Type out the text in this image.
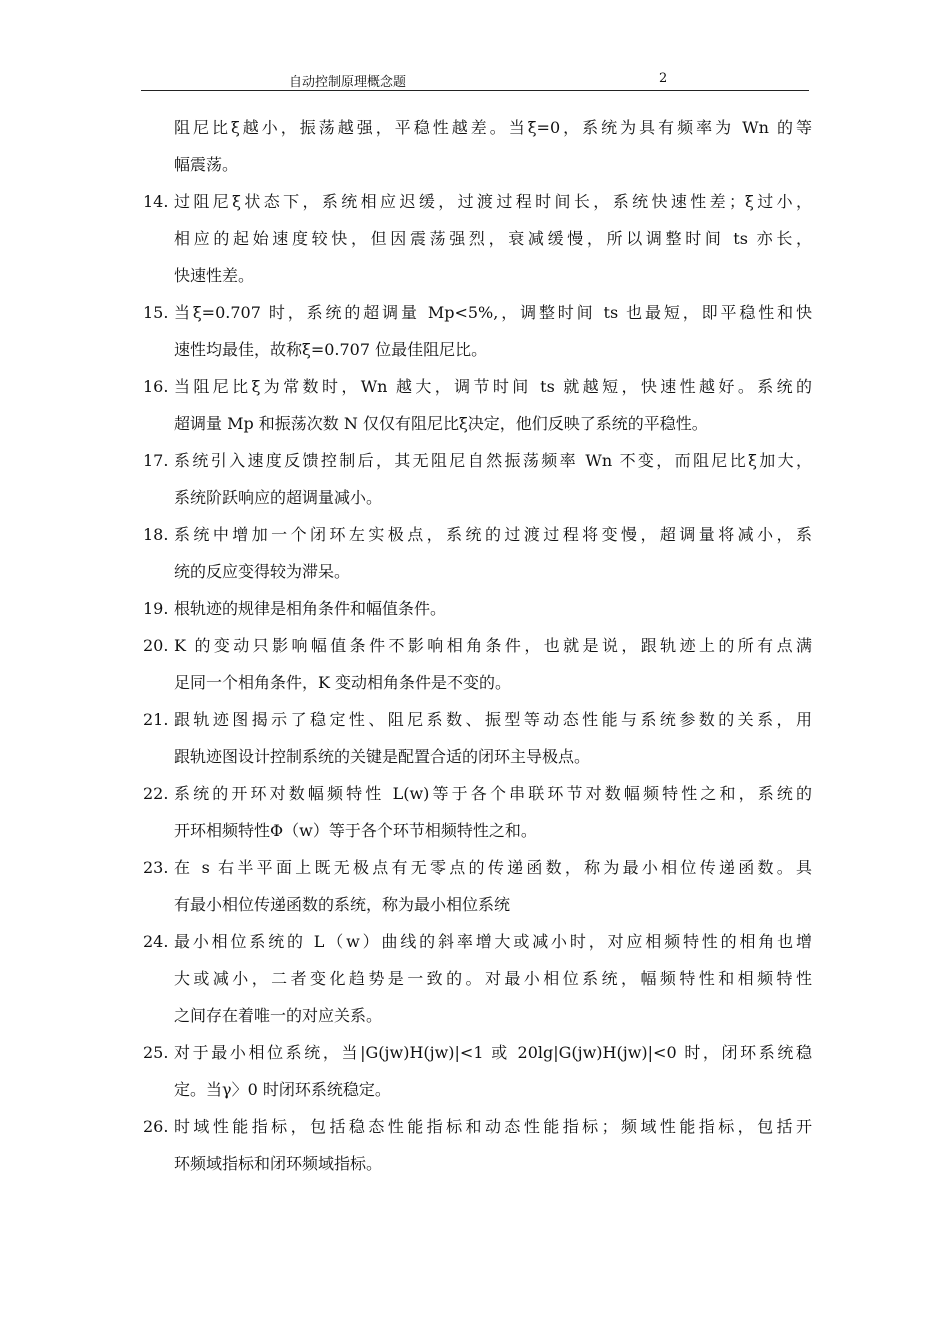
自动控制原理概念题	2
阻尼比ξ越小，振荡越强，平稳性越差。当ξ=0，系统为具有频率为 Wn 的等
幅震荡。
14. 过阻尼ξ状态下，系统相应迟缓，过渡过程时间长，系统快速性差；ξ过小，
相应的起始速度较快，但因震荡强烈，衰减缓慢，所以调整时间 ts 亦长，
快速性差。
15. 当ξ=0.707 时，系统的超调量 Mp<5%,，调整时间 ts 也最短，即平稳性和快
速性均最佳，故称ξ=0.707 位最佳阻尼比。
16. 当阻尼比ξ为常数时，Wn 越大，调节时间 ts 就越短，快速性越好。系统的
超调量 Mp 和振荡次数 N 仅仅有阻尼比ξ决定，他们反映了系统的平稳性。
17. 系统引入速度反馈控制后，其无阻尼自然振荡频率 Wn 不变，而阻尼比ξ加大，
系统阶跃响应的超调量减小。
18. 系统中增加一个闭环左实极点，系统的过渡过程将变慢，超调量将减小，系
统的反应变得较为滞呆。
19. 根轨迹的规律是相角条件和幅值条件。
20. K 的变动只影响幅值条件不影响相角条件，也就是说，跟轨迹上的所有点满
足同一个相角条件，K 变动相角条件是不变的。
21. 跟轨迹图揭示了稳定性、阻尼系数、振型等动态性能与系统参数的关系，用
跟轨迹图设计控制系统的关键是配置合适的闭环主导极点。
22. 系统的开环对数幅频特性 L(w)等于各个串联环节对数幅频特性之和，系统的
开环相频特性Φ（w）等于各个环节相频特性之和。
23. 在 s 右半平面上既无极点有无零点的传递函数，称为最小相位传递函数。具
有最小相位传递函数的系统，称为最小相位系统
24. 最小相位系统的 L（w）曲线的斜率增大或减小时，对应相频特性的相角也增
大或减小，二者变化趋势是一致的。对最小相位系统，幅频特性和相频特性
之间存在着唯一的对应关系。
25. 对于最小相位系统，当|G(jw)H(jw)|<1 或 20lg|G(jw)H(jw)|<0 时，闭环系统稳
定。当γ〉0 时闭环系统稳定。
26. 时域性能指标，包括稳态性能指标和动态性能指标；频域性能指标，包括开
环频域指标和闭环频域指标。
